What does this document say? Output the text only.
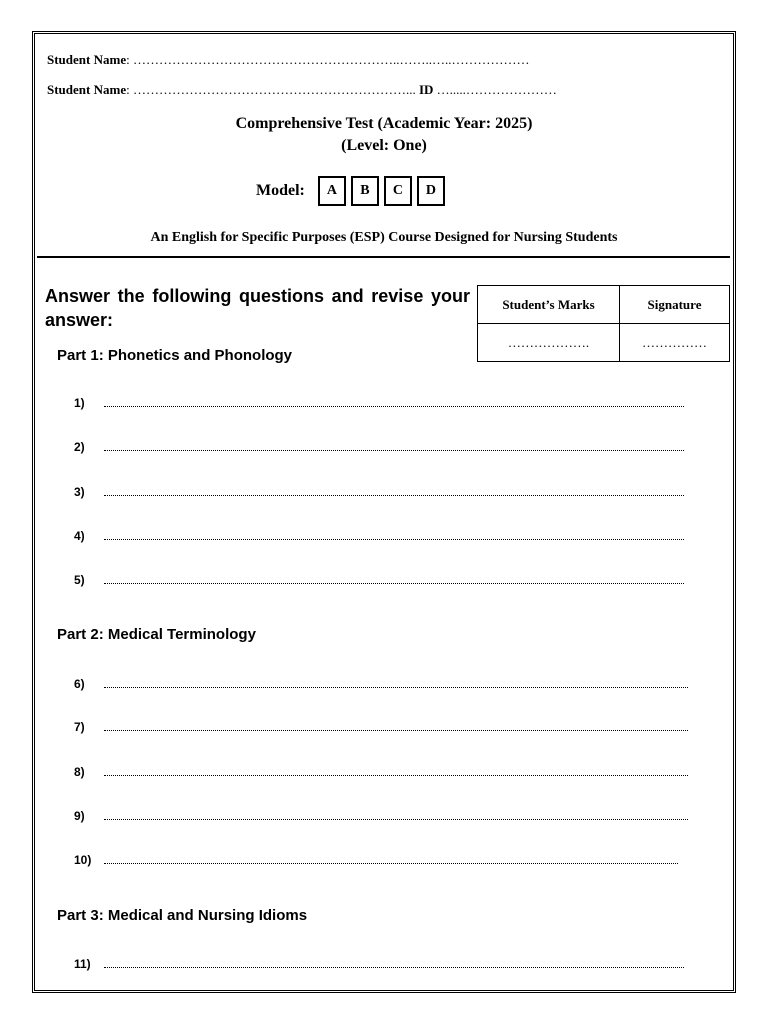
Student Name: ……………………………………………………..……..…..………………
Student Name: ………………………………………………………... ID ….....…………………
Comprehensive Test (Academic Year: 2025)
(Level: One)
Model:	A	B	C	D
An English for Specific Purposes (ESP) Course Designed for Nursing Students
Answer the following questions and revise your answer:
Student’s Marks	Signature
……………….	……………
Part 1: Phonetics and Phonology
1)
2)
3)
4)
5)
Part 2: Medical Terminology
6)
7)
8)
9)
10)
Part 3: Medical and Nursing Idioms
11)
